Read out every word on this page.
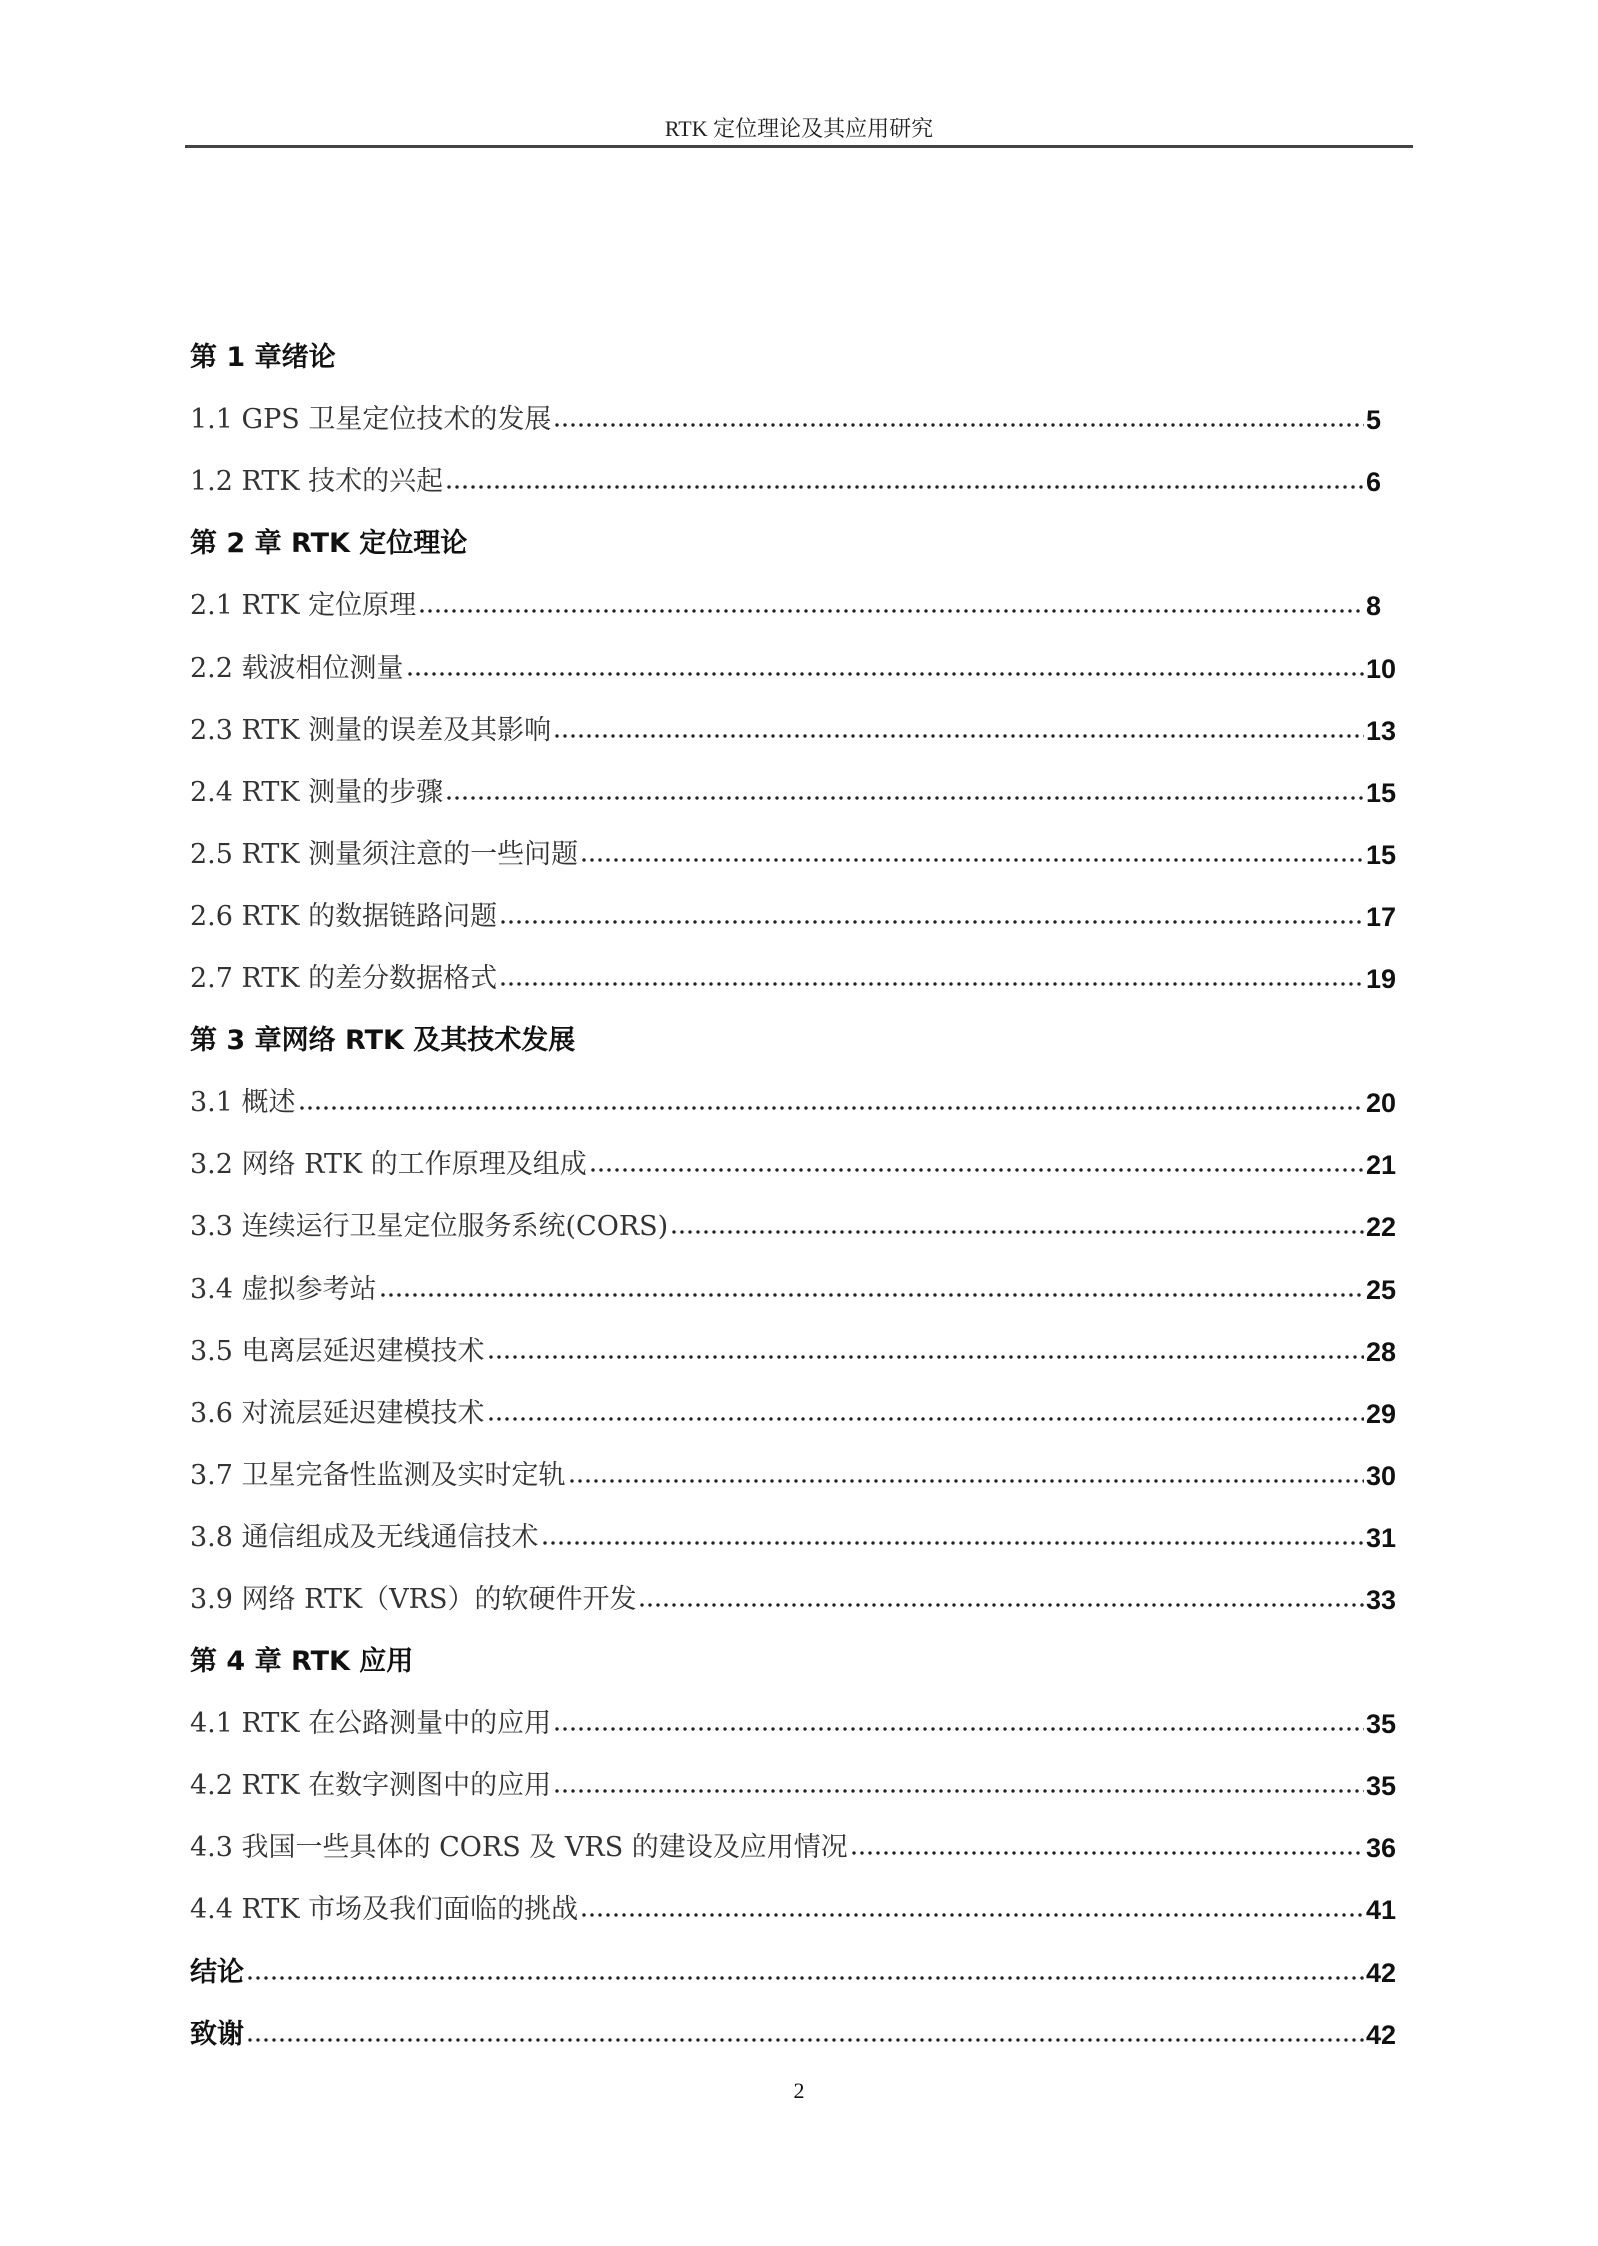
RTK 定位理论及其应用研究
第 1 章绪论
1.1 GPS 卫星定位技术的发展	5
1.2 RTK 技术的兴起	6
第 2 章 RTK 定位理论
2.1 RTK 定位原理	8
2.2 载波相位测量	10
2.3 RTK 测量的误差及其影响	13
2.4 RTK 测量的步骤	15
2.5 RTK 测量须注意的一些问题	15
2.6 RTK 的数据链路问题	17
2.7 RTK 的差分数据格式	19
第 3 章网络 RTK 及其技术发展
3.1 概述	20
3.2 网络 RTK 的工作原理及组成	21
3.3 连续运行卫星定位服务系统(CORS)	22
3.4 虚拟参考站	25
3.5 电离层延迟建模技术	28
3.6 对流层延迟建模技术	29
3.7 卫星完备性监测及实时定轨	30
3.8 通信组成及无线通信技术	31
3.9 网络 RTK（VRS）的软硬件开发	33
第 4 章 RTK 应用
4.1 RTK 在公路测量中的应用	35
4.2 RTK 在数字测图中的应用	35
4.3 我国一些具体的 CORS 及 VRS 的建设及应用情况	36
4.4 RTK 市场及我们面临的挑战	41
结论	42
致谢	42
2
